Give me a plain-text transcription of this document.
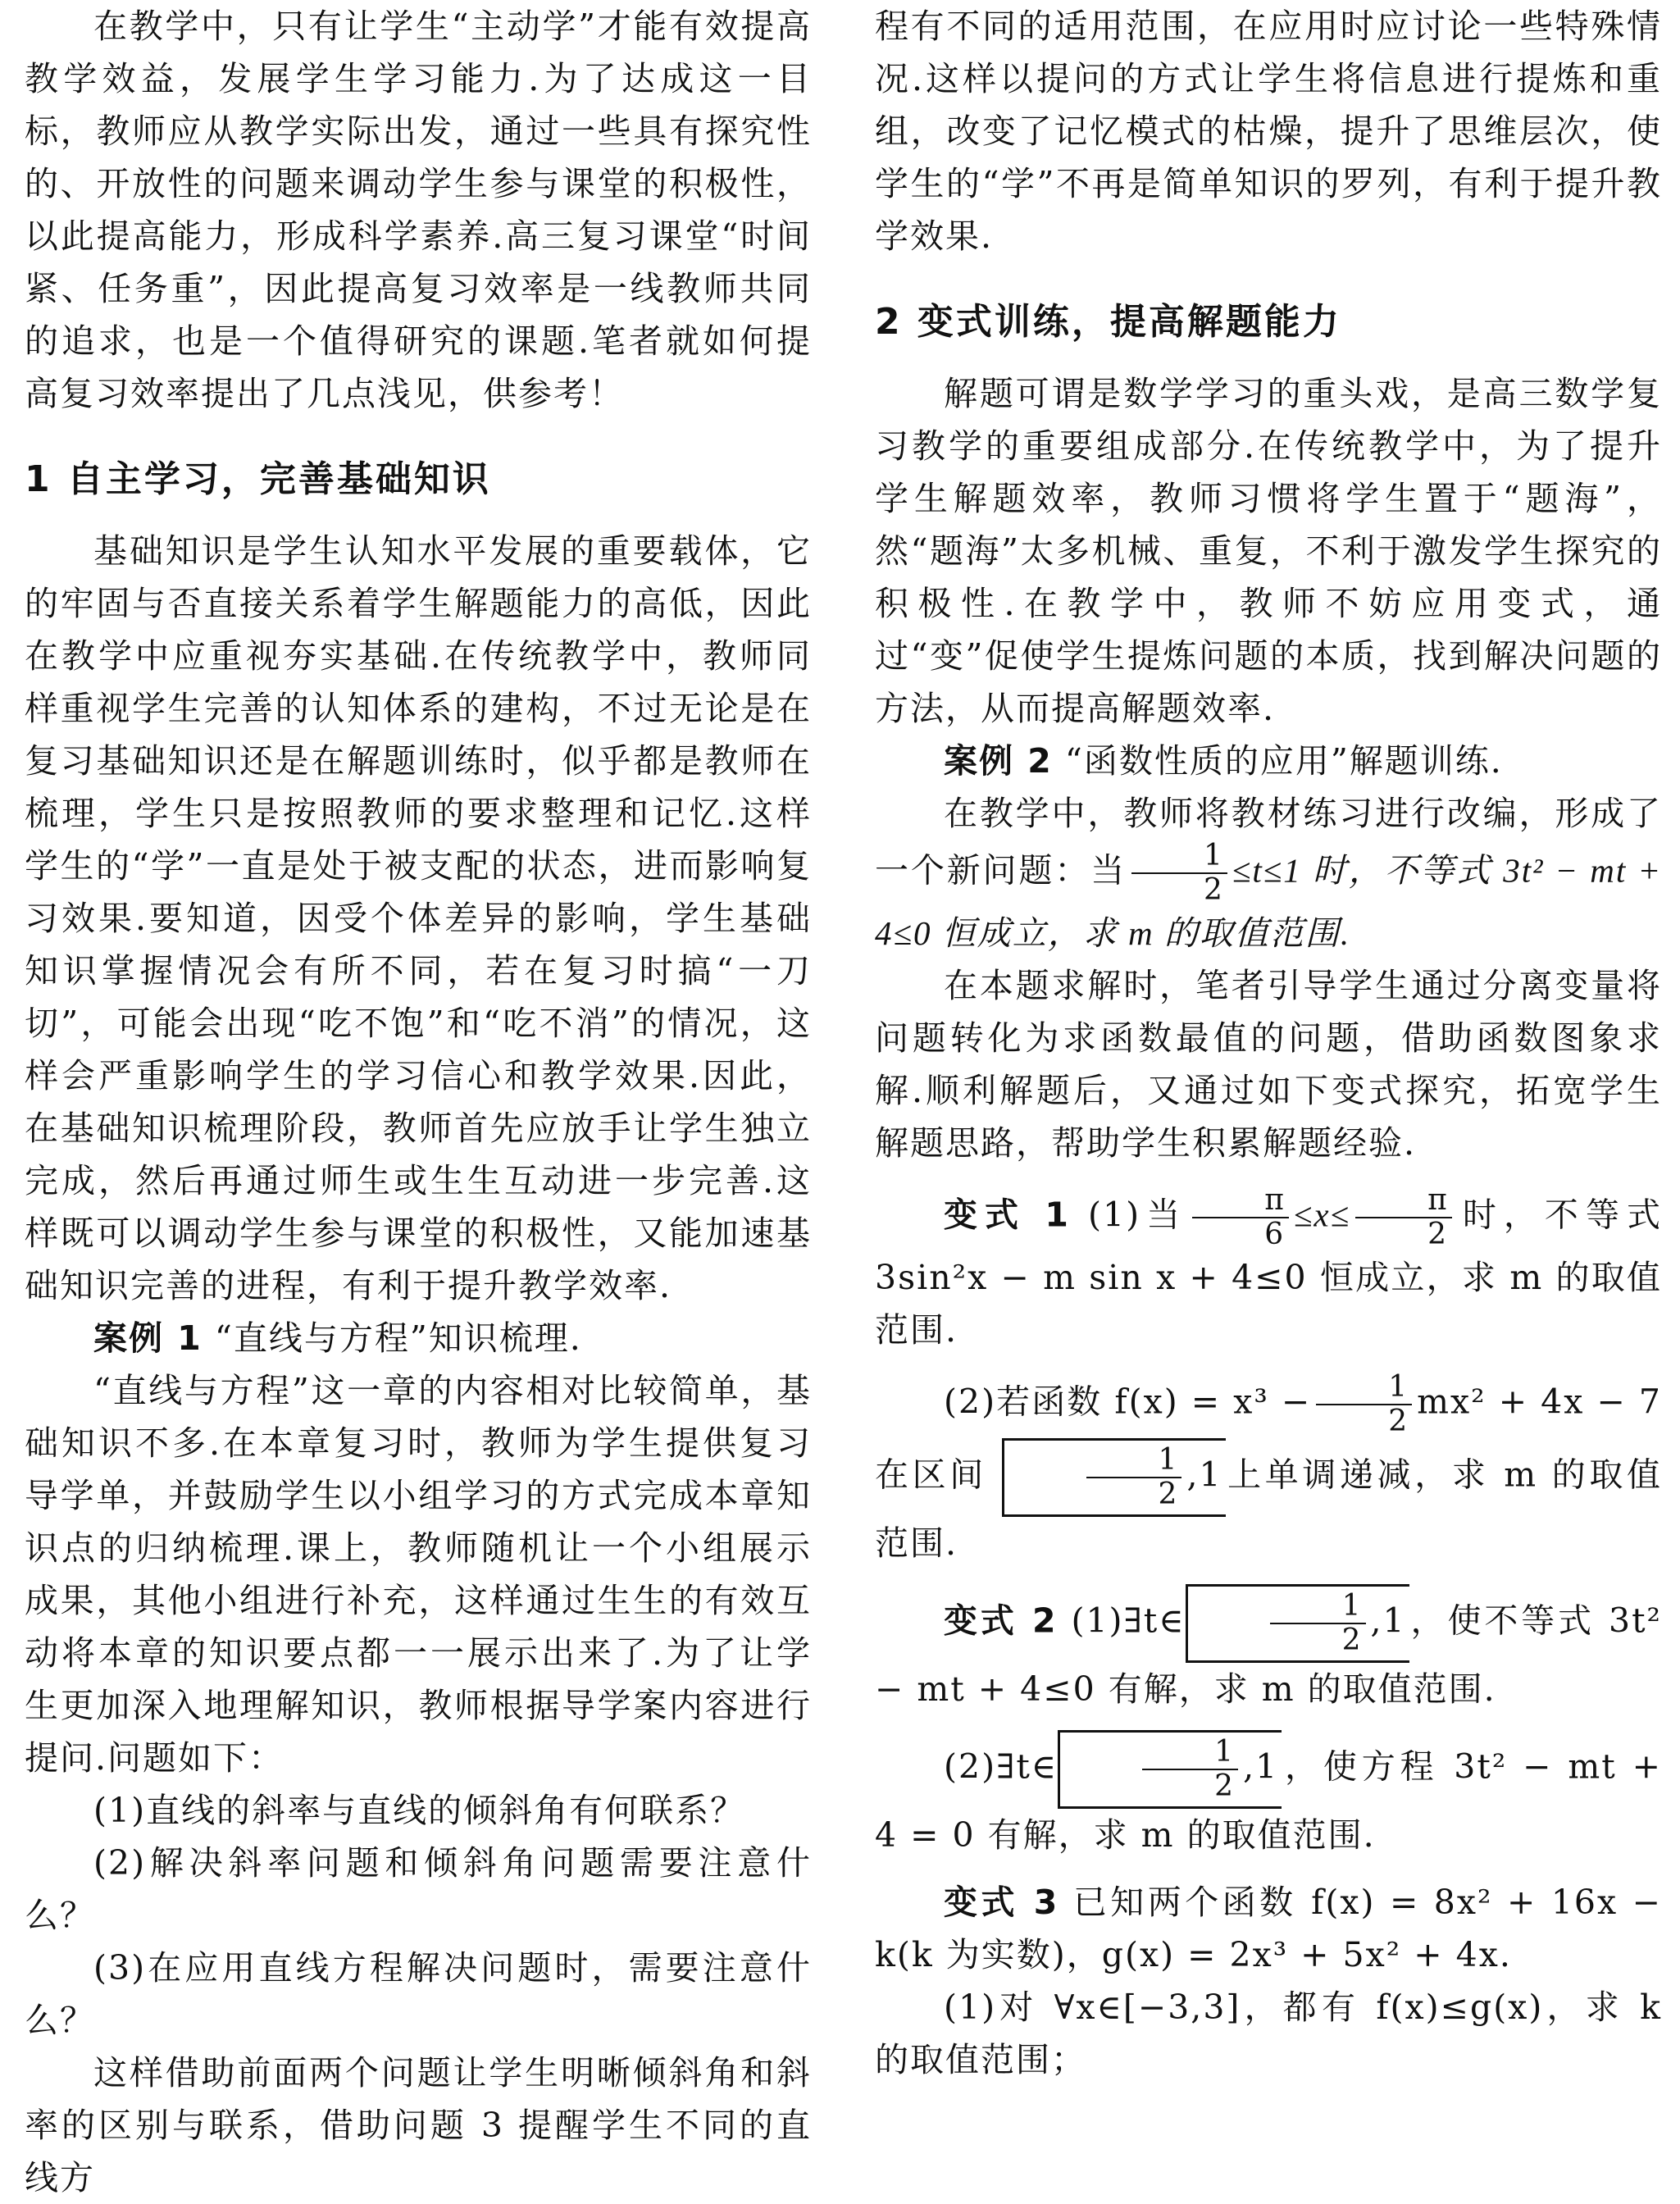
在教学中，只有让学生“主动学”才能有效提高教学效益，发展学生学习能力.为了达成这一目标，教师应从教学实际出发，通过一些具有探究性的、开放性的问题来调动学生参与课堂的积极性，以此提高能力，形成科学素养.高三复习课堂“时间紧、任务重”，因此提高复习效率是一线教师共同的追求，也是一个值得研究的课题.笔者就如何提高复习效率提出了几点浅见，供参考！

1 自主学习，完善基础知识

基础知识是学生认知水平发展的重要载体，它的牢固与否直接关系着学生解题能力的高低，因此在教学中应重视夯实基础.在传统教学中，教师同样重视学生完善的认知体系的建构，不过无论是在复习基础知识还是在解题训练时，似乎都是教师在梳理，学生只是按照教师的要求整理和记忆.这样学生的“学”一直是处于被支配的状态，进而影响复习效果.要知道，因受个体差异的影响，学生基础知识掌握情况会有所不同，若在复习时搞“一刀切”，可能会出现“吃不饱”和“吃不消”的情况，这样会严重影响学生的学习信心和教学效果.因此，在基础知识梳理阶段，教师首先应放手让学生独立完成，然后再通过师生或生生互动进一步完善.这样既可以调动学生参与课堂的积极性，又能加速基础知识完善的进程，有利于提升教学效率.

案例 1 “直线与方程”知识梳理.

“直线与方程”这一章的内容相对比较简单，基础知识不多.在本章复习时，教师为学生提供复习导学单，并鼓励学生以小组学习的方式完成本章知识点的归纳梳理.课上，教师随机让一个小组展示成果，其他小组进行补充，这样通过生生的有效互动将本章的知识要点都一一展示出来了.为了让学生更加深入地理解知识，教师根据导学案内容进行提问.问题如下：

(1)直线的斜率与直线的倾斜角有何联系？

(2)解决斜率问题和倾斜角问题需要注意什么？

(3)在应用直线方程解决问题时，需要注意什么？

这样借助前面两个问题让学生明晰倾斜角和斜率的区别与联系，借助问题 3 提醒学生不同的直线方

程有不同的适用范围，在应用时应讨论一些特殊情况.这样以提问的方式让学生将信息进行提炼和重组，改变了记忆模式的枯燥，提升了思维层次，使学生的“学”不再是简单知识的罗列，有利于提升教学效果.

2 变式训练，提高解题能力

解题可谓是数学学习的重头戏，是高三数学复习教学的重要组成部分.在传统教学中，为了提升学生解题效率，教师习惯将学生置于“题海”，然“题海”太多机械、重复，不利于激发学生探究的积极性.在教学中，教师不妨应用变式，通过“变”促使学生提炼问题的本质，找到解决问题的方法，从而提高解题效率.

案例 2 “函数性质的应用”解题训练.

在教学中，教师将教材练习进行改编，形成了一个新问题：当 $\frac{1}{2} \le t\le 1$ 时，不等式 3t² − mt + 4≤0 恒成立，求 m 的取值范围.

在本题求解时，笔者引导学生通过分离变量将问题转化为求函数最值的问题，借助函数图象求解.顺利解题后，又通过如下变式探究，拓宽学生解题思路，帮助学生积累解题经验.

变式 1 (1)当 $\frac{\pi}{6} \le x\le \frac{\pi}{2}$ 时，不等式 3sin²x − m sin x + 4≤0 恒成立，求 m 的取值范围.

(2)若函数 $f(x) = x^3 - \frac{1}{2} mx^2 + 4x - 7$ 在区间	$\frac{1}{2} ,1$上单调递减，求 m 的取值范围.

变式 2 (1)∃t∈	$\frac{1}{2} ,1$，使不等式 3t² − mt + 4≤0 有解，求 m 的取值范围.

(2)∃t∈	$\frac{1}{2} ,1$，使方程 3t² − mt + 4 = 0 有解，求 m 的取值范围.

变式 3 已知两个函数 f(x) = 8x² + 16x − k(k 为实数)，g(x) = 2x³ + 5x² + 4x.

(1)对 ∀x∈[−3,3]，都有 f(x)≤g(x)，求 k 的取值范围；
